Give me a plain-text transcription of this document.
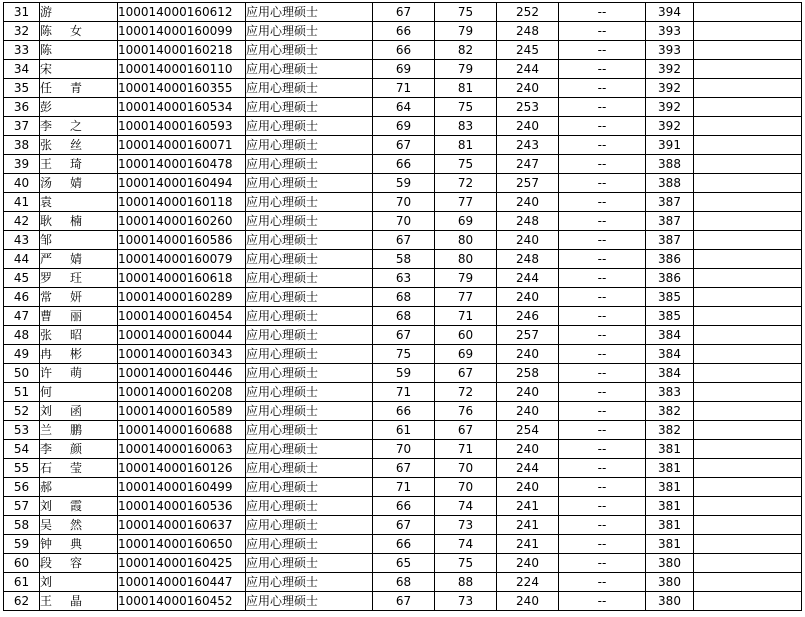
31	游	100014000160612	应用心理硕士	67	75	252	--	394	
32	陈 女	100014000160099	应用心理硕士	66	79	248	--	393	
33	陈	100014000160218	应用心理硕士	66	82	245	--	393	
34	宋	100014000160110	应用心理硕士	69	79	244	--	392	
35	任 青	100014000160355	应用心理硕士	71	81	240	--	392	
36	彭	100014000160534	应用心理硕士	64	75	253	--	392	
37	李 之	100014000160593	应用心理硕士	69	83	240	--	392	
38	张 丝	100014000160071	应用心理硕士	67	81	243	--	391	
39	王 琦	100014000160478	应用心理硕士	66	75	247	--	388	
40	汤 婧	100014000160494	应用心理硕士	59	72	257	--	388	
41	袁	100014000160118	应用心理硕士	70	77	240	--	387	
42	耿 楠	100014000160260	应用心理硕士	70	69	248	--	387	
43	邹	100014000160586	应用心理硕士	67	80	240	--	387	
44	严 婧	100014000160079	应用心理硕士	58	80	248	--	386	
45	罗 玨	100014000160618	应用心理硕士	63	79	244	--	386	
46	常 妍	100014000160289	应用心理硕士	68	77	240	--	385	
47	曹 丽	100014000160454	应用心理硕士	68	71	246	--	385	
48	张 昭	100014000160044	应用心理硕士	67	60	257	--	384	
49	冉 彬	100014000160343	应用心理硕士	75	69	240	--	384	
50	许 萌	100014000160446	应用心理硕士	59	67	258	--	384	
51	何	100014000160208	应用心理硕士	71	72	240	--	383	
52	刘 函	100014000160589	应用心理硕士	66	76	240	--	382	
53	兰 鹏	100014000160688	应用心理硕士	61	67	254	--	382	
54	李 颜	100014000160063	应用心理硕士	70	71	240	--	381	
55	石 莹	100014000160126	应用心理硕士	67	70	244	--	381	
56	郝	100014000160499	应用心理硕士	71	70	240	--	381	
57	刘 霞	100014000160536	应用心理硕士	66	74	241	--	381	
58	吴 然	100014000160637	应用心理硕士	67	73	241	--	381	
59	钟 典	100014000160650	应用心理硕士	66	74	241	--	381	
60	段 容	100014000160425	应用心理硕士	65	75	240	--	380	
61	刘	100014000160447	应用心理硕士	68	88	224	--	380	
62	王 晶	100014000160452	应用心理硕士	67	73	240	--	380	
